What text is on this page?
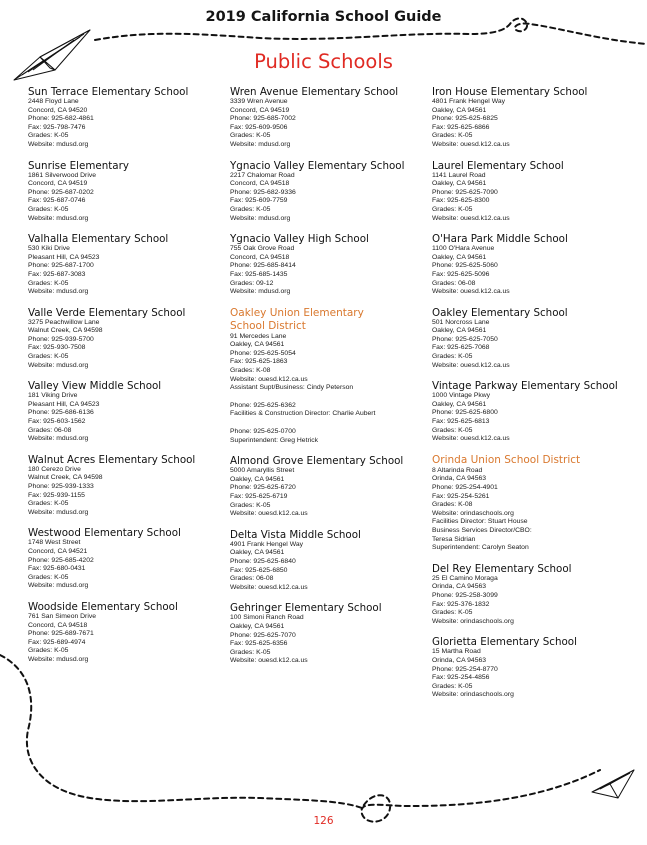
2019 California School Guide
Public Schools
Sun Terrace Elementary School
2448 Floyd Lane
Concord, CA 94520
Phone: 925-682-4861
Fax: 925-798-7476
Grades: K-05
Website: mdusd.org
Sunrise Elementary
1861 Silverwood Drive
Concord, CA 94519
Phone: 925-687-0202
Fax: 925-687-0746
Grades: K-05
Website: mdusd.org
Valhalla Elementary School
530 Kiki Drive
Pleasant Hill, CA 94523
Phone: 925-687-1700
Fax: 925-687-3083
Grades: K-05
Website: mdusd.org
Valle Verde Elementary School
3275 Peachwillow Lane
Walnut Creek, CA 94598
Phone: 925-939-5700
Fax: 925-930-7508
Grades: K-05
Website: mdusd.org
Valley View Middle School
181 Viking Drive
Pleasant Hill, CA 94523
Phone: 925-686-6136
Fax: 925-603-1562
Grades: 06-08
Website: mdusd.org
Walnut Acres Elementary School
180 Cerezo Drive
Walnut Creek, CA 94598
Phone: 925-939-1333
Fax: 925-939-1155
Grades: K-05
Website: mdusd.org
Westwood Elementary School
1748 West Street
Concord, CA 94521
Phone: 925-685-4202
Fax: 925-680-0431
Grades: K-05
Website: mdusd.org
Woodside Elementary School
761 San Simeon Drive
Concord, CA 94518
Phone: 925-689-7671
Fax: 925-689-4974
Grades: K-05
Website: mdusd.org
Wren Avenue Elementary School
3339 Wren Avenue
Concord, CA 94519
Phone: 925-685-7002
Fax: 925-609-9506
Grades: K-05
Website: mdusd.org
Ygnacio Valley Elementary School
2217 Chalomar Road
Concord, CA 94518
Phone: 925-682-9336
Fax: 925-609-7759
Grades: K-05
Website: mdusd.org
Ygnacio Valley High School
755 Oak Grove Road
Concord, CA 94518
Phone: 925-685-8414
Fax: 925-685-1435
Grades: 09-12
Website: mdusd.org
Oakley Union Elementary School District
91 Mercedes Lane
Oakley, CA 94561
Phone: 925-625-5054
Fax: 925-625-1863
Grades: K-08
Website: ouesd.k12.ca.us
Assistant Supt/Business: Cindy Peterson
Phone: 925-625-6362
Facilities & Construction Director: Charlie Aubert
Phone: 925-625-0700
Superintendent: Greg Hetrick
Almond Grove Elementary School
5000 Amaryllis Street
Oakley, CA 94561
Phone: 925-625-6720
Fax: 925-625-6719
Grades: K-05
Website: ouesd.k12.ca.us
Delta Vista Middle School
4901 Frank Hengel Way
Oakley, CA 94561
Phone: 925-625-6840
Fax: 925-625-6850
Grades: 06-08
Website: ouesd.k12.ca.us
Gehringer Elementary School
100 Simoni Ranch Road
Oakley, CA 94561
Phone: 925-625-7070
Fax: 925-625-6356
Grades: K-05
Website: ouesd.k12.ca.us
Iron House Elementary School
4801 Frank Hengel Way
Oakley, CA 94561
Phone: 925-625-6825
Fax: 925-625-6866
Grades: K-05
Website: ouesd.k12.ca.us
Laurel Elementary School
1141 Laurel Road
Oakley, CA 94561
Phone: 925-625-7090
Fax: 925-625-8300
Grades: K-05
Website: ouesd.k12.ca.us
O'Hara Park Middle School
1100 O'Hara Avenue
Oakley, CA 94561
Phone: 925-625-5060
Fax: 925-625-5096
Grades: 06-08
Website: ouesd.k12.ca.us
Oakley Elementary School
501 Norcross Lane
Oakley, CA 94561
Phone: 925-625-7050
Fax: 925-625-7068
Grades: K-05
Website: ouesd.k12.ca.us
Vintage Parkway Elementary School
1000 Vintage Pkwy
Oakley, CA 94561
Phone: 925-625-6800
Fax: 925-625-6813
Grades: K-05
Website: ouesd.k12.ca.us
Orinda Union School District
8 Altarinda Road
Orinda, CA 94563
Phone: 925-254-4901
Fax: 925-254-5261
Grades: K-08
Website: orindaschools.org
Facilities Director: Stuart House
Business Services Director/CBO:
Teresa Sidrian
Superintendent: Carolyn Seaton
Del Rey Elementary School
25 El Camino Moraga
Orinda, CA 94563
Phone: 925-258-3099
Fax: 925-376-1832
Grades: K-05
Website: orindaschools.org
Glorietta Elementary School
15 Martha Road
Orinda, CA 94563
Phone: 925-254-8770
Fax: 925-254-4856
Grades: K-05
Website: orindaschools.org
126
